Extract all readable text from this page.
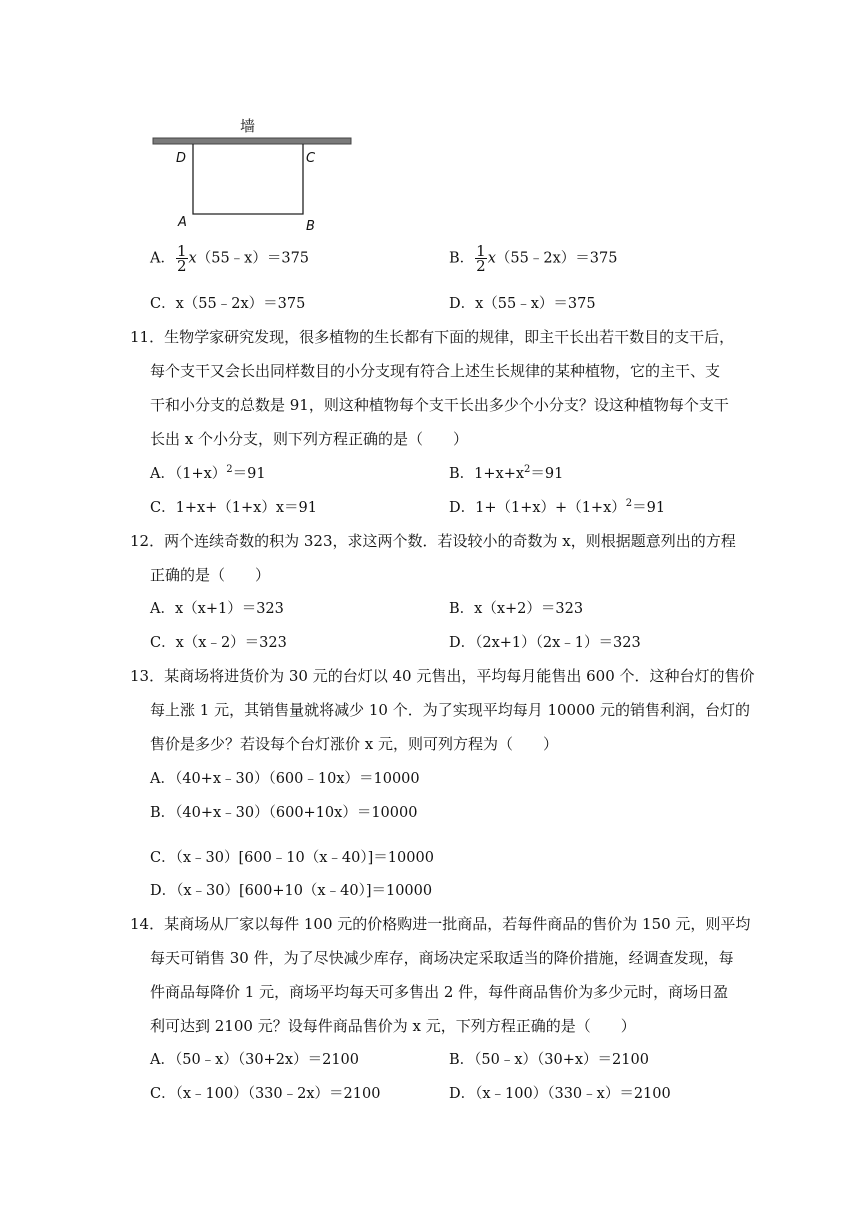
墙
D	C
A	B
A． $\frac{1}{2}$ x（55﹣x）＝375	B． $\frac{1}{2}$ x（55﹣2x）＝375
C．x（55﹣2x）＝375	D．x（55﹣x）＝375
11．生物学家研究发现，很多植物的生长都有下面的规律，即主干长出若干数目的支干后，
每个支干又会长出同样数目的小分支现有符合上述生长规律的某种植物，它的主干、支
干和小分支的总数是 91，则这种植物每个支干长出多少个小分支？设这种植物每个支干
长出 x 个小分支，则下列方程正确的是（　　）
A．$(1+x)^2=91$	B．$1+x+x^2=91$
C．1+x+（1+x）x＝91	D．$1+(1+x)+(1+x)^2=91$
12．两个连续奇数的积为 323，求这两个数．若设较小的奇数为 x，则根据题意列出的方程
正确的是（　　）
A．x（x+1）＝323	B．x（x+2）＝323
C．x（x﹣2）＝323	D．（2x+1）（2x﹣1）＝323
13．某商场将进货价为 30 元的台灯以 40 元售出，平均每月能售出 600 个．这种台灯的售价
每上涨 1 元，其销售量就将减少 10 个．为了实现平均每月 10000 元的销售利润，台灯的
售价是多少？若设每个台灯涨价 x 元，则可列方程为（　　）
A．（40+x﹣30）（600﹣10x）＝10000
B．（40+x﹣30）（600+10x）＝10000
C．（x﹣30）[600﹣10（x﹣40）]＝10000
D．（x﹣30）[600+10（x﹣40）]＝10000
14．某商场从厂家以每件 100 元的价格购进一批商品，若每件商品的售价为 150 元，则平均
每天可销售 30 件，为了尽快减少库存，商场决定采取适当的降价措施，经调查发现，每
件商品每降价 1 元，商场平均每天可多售出 2 件，每件商品售价为多少元时，商场日盈
利可达到 2100 元？设每件商品售价为 x 元，下列方程正确的是（　　）
A．（50﹣x）（30+2x）＝2100	B．（50﹣x）（30+x）＝2100
C．（x﹣100）（330﹣2x）＝2100	D．（x﹣100）（330﹣x）＝2100
